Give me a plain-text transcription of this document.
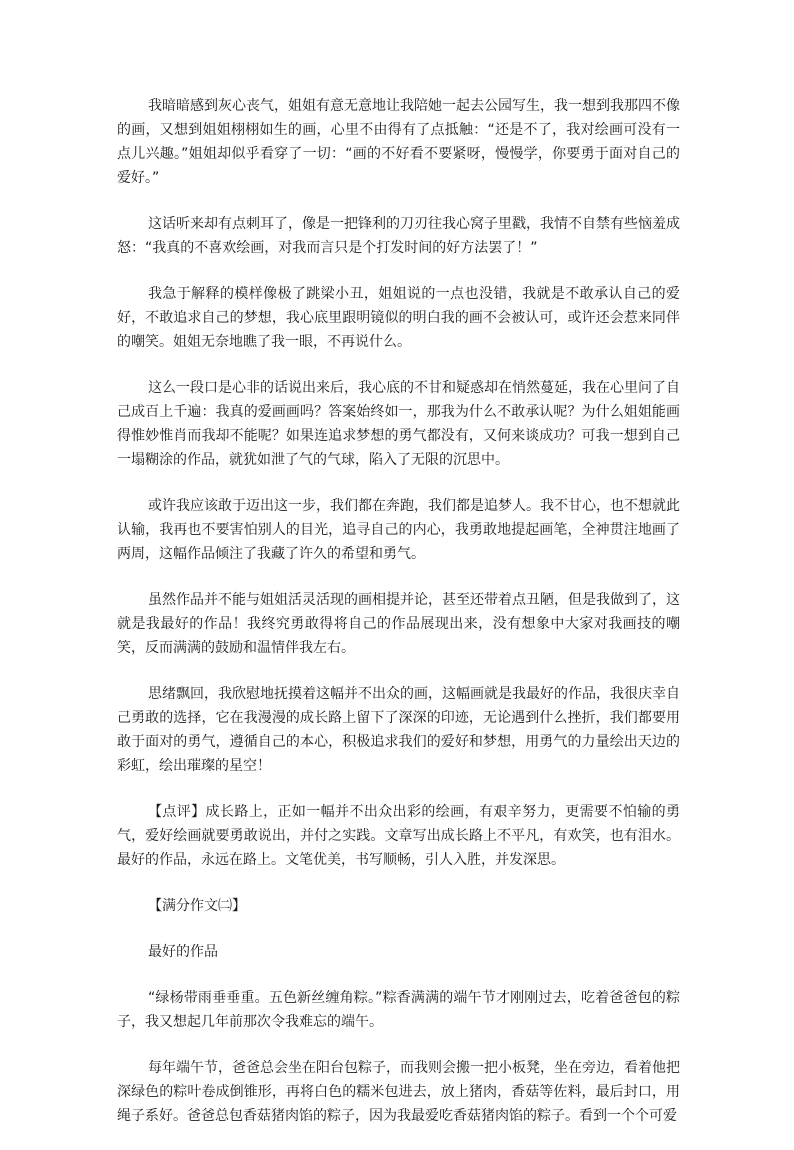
我暗暗感到灰心丧气，姐姐有意无意地让我陪她一起去公园写生，我一想到我那四不像的画，又想到姐姐栩栩如生的画，心里不由得有了点抵触：“还是不了，我对绘画可没有一点儿兴趣。”姐姐却似乎看穿了一切：“画的不好看不要紧呀，慢慢学，你要勇于面对自己的爱好。”

这话听来却有点刺耳了，像是一把锋利的刀刃往我心窝子里戳，我情不自禁有些恼羞成怒：“我真的不喜欢绘画，对我而言只是个打发时间的好方法罢了！”

我急于解释的模样像极了跳梁小丑，姐姐说的一点也没错，我就是不敢承认自己的爱好，不敢追求自己的梦想，我心底里跟明镜似的明白我的画不会被认可，或许还会惹来同伴的嘲笑。姐姐无奈地瞧了我一眼，不再说什么。

这么一段口是心非的话说出来后，我心底的不甘和疑惑却在悄然蔓延，我在心里问了自己成百上千遍：我真的爱画画吗？答案始终如一，那我为什么不敢承认呢？为什么姐姐能画得惟妙惟肖而我却不能呢？如果连追求梦想的勇气都没有，又何来谈成功？可我一想到自己一塌糊涂的作品，就犹如泄了气的气球，陷入了无限的沉思中。

或许我应该敢于迈出这一步，我们都在奔跑，我们都是追梦人。我不甘心，也不想就此认输，我再也不要害怕别人的目光，追寻自己的内心，我勇敢地提起画笔，全神贯注地画了两周，这幅作品倾注了我藏了许久的希望和勇气。

虽然作品并不能与姐姐活灵活现的画相提并论，甚至还带着点丑陋，但是我做到了，这就是我最好的作品！我终究勇敢得将自己的作品展现出来，没有想象中大家对我画技的嘲笑，反而满满的鼓励和温情伴我左右。

思绪飘回，我欣慰地抚摸着这幅并不出众的画，这幅画就是我最好的作品，我很庆幸自己勇敢的选择，它在我漫漫的成长路上留下了深深的印迹，无论遇到什么挫折，我们都要用敢于面对的勇气，遵循自己的本心，积极追求我们的爱好和梦想，用勇气的力量绘出天边的彩虹，绘出璀璨的星空！

【点评】成长路上，正如一幅并不出众出彩的绘画，有艰辛努力，更需要不怕输的勇气，爱好绘画就要勇敢说出，并付之实践。文章写出成长路上不平凡，有欢笑，也有泪水。最好的作品，永远在路上。文笔优美，书写顺畅，引人入胜，并发深思。

【满分作文㈡】

最好的作品

“绿杨带雨垂垂重。五色新丝缠角粽。”粽香满满的端午节才刚刚过去，吃着爸爸包的粽子，我又想起几年前那次令我难忘的端午。

每年端午节，爸爸总会坐在阳台包粽子，而我则会搬一把小板凳，坐在旁边，看着他把深绿色的粽叶卷成倒锥形，再将白色的糯米包进去，放上猪肉，香菇等佐料，最后封口，用绳子系好。爸爸总包香菇猪肉馅的粽子，因为我最爱吃香菇猪肉馅的粽子。看到一个个可爱
